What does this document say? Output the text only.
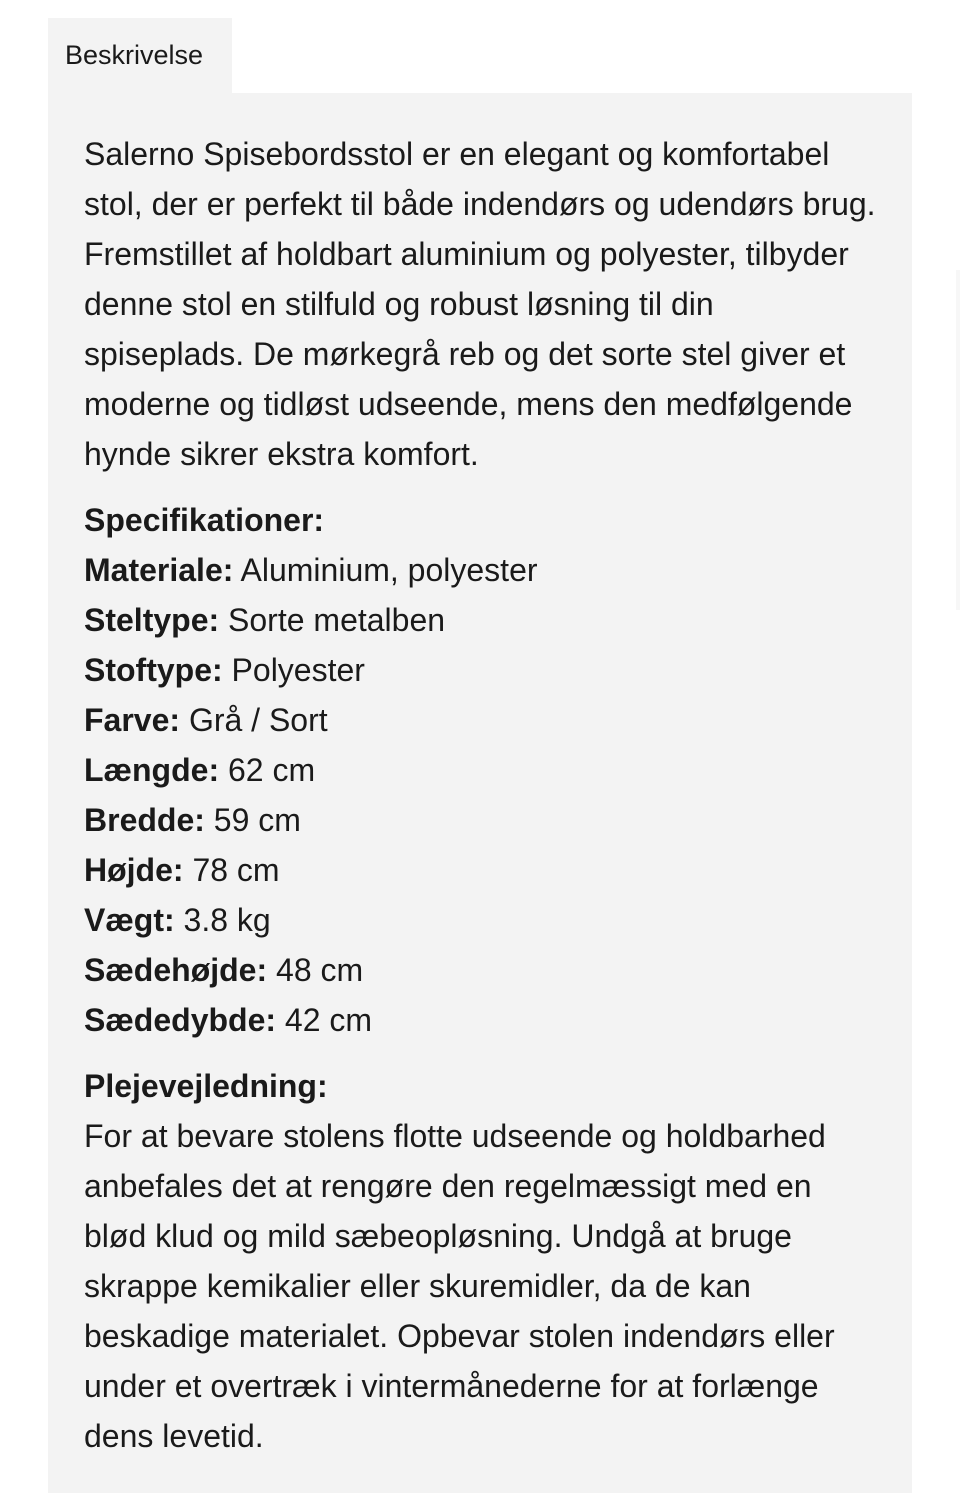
Beskrivelse

Salerno Spisebordsstol er en elegant og komfortabel stol, der er perfekt til både indendørs og udendørs brug. Fremstillet af holdbart aluminium og polyester, tilbyder denne stol en stilfuld og robust løsning til din spiseplads. De mørkegrå reb og det sorte stel giver et moderne og tidløst udseende, mens den medfølgende hynde sikrer ekstra komfort.

Specifikationer:

Materiale: Aluminium, polyester

Steltype: Sorte metalben

Stoftype: Polyester

Farve: Grå / Sort

Længde: 62 cm

Bredde: 59 cm

Højde: 78 cm

Vægt: 3.8 kg

Sædehøjde: 48 cm

Sædedybde: 42 cm

Plejevejledning:

For at bevare stolens flotte udseende og holdbarhed anbefales det at rengøre den regelmæssigt med en blød klud og mild sæbeopløsning. Undgå at bruge skrappe kemikalier eller skuremidler, da de kan beskadige materialet. Opbevar stolen indendørs eller under et overtræk i vintermånederne for at forlænge dens levetid.
